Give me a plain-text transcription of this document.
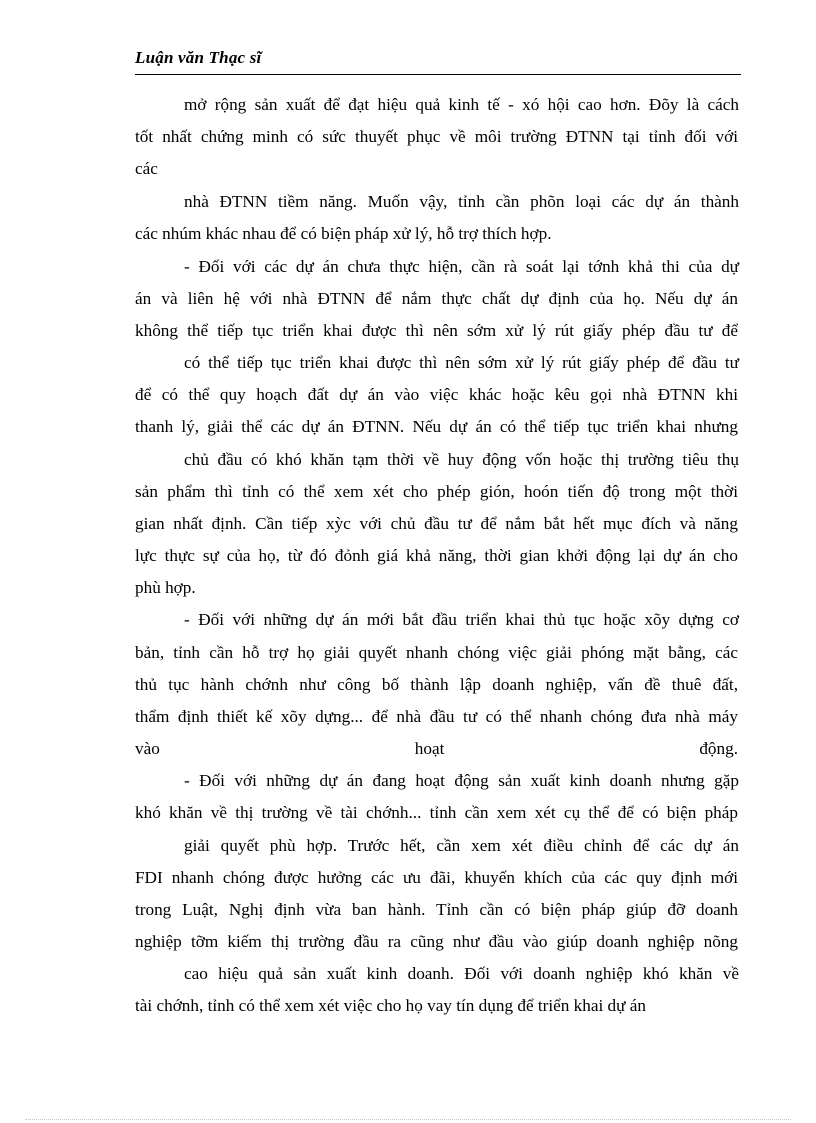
Luận văn Thạc sĩ
mở rộng sản xuất để đạt hiệu quả kinh tế - xó hội cao hơn. Đõy là cách
tốt nhất chứng minh có sức thuyết phục về môi trường ĐTNN tại tỉnh đối với
các
nhà ĐTNN tiềm năng. Muốn vậy, tỉnh cần phõn loại các dự án thành
các nhúm khác nhau để có biện pháp xử lý, hỗ trợ thích hợp.
- Đối với các dự án chưa thực hiện, cần rà soát lại tớnh khả thi của dự
án và liên hệ với nhà ĐTNN để nắm thực chất dự định của họ. Nếu dự án
không thể tiếp tục triển khai được thì nên sớm xử lý rút giấy phép đầu tư để
có thể tiếp tục triển khai được thì nên sớm xử lý rút giấy phép để đầu tư
để có thể quy hoạch đất dự án vào việc khác hoặc kêu gọi nhà ĐTNN khi
thanh lý, giải thể các dự án ĐTNN. Nếu dự án có thể tiếp tục triển khai nhưng
chủ đầu có khó khăn tạm thời về huy động vốn hoặc thị trường tiêu thụ
sản phẩm thì tỉnh có thể xem xét cho phép gión, hoón tiến độ trong một thời
gian nhất định. Cần tiếp xỳc với chủ đầu tư để nắm bắt hết mục đích và năng
lực thực sự của họ, từ đó đỏnh giá khả năng, thời gian khởi động lại dự án cho
phù hợp.
- Đối với những dự án mới bắt đầu triển khai thủ tục hoặc xõy dựng cơ
bản, tỉnh cần hỗ trợ họ giải quyết nhanh chóng việc giải phóng mặt bằng, các
thủ tục hành chớnh như công bố thành lập doanh nghiệp, vấn đề thuê đất,
thẩm định thiết kế xõy dựng... để nhà đầu tư có thể nhanh chóng đưa nhà máy
vào hoạt động.
- Đối với những dự án đang hoạt động sản xuất kinh doanh nhưng gặp
khó khăn về thị trường về tài chớnh... tỉnh cần xem xét cụ thể để có biện pháp
giải quyết phù hợp. Trước hết, cần xem xét điều chỉnh để các dự án
FDI nhanh chóng được hưởng các ưu đãi, khuyến khích của các quy định mới
trong Luật, Nghị định vừa ban hành. Tỉnh cần có biện pháp giúp đỡ doanh
nghiệp tỡm kiếm thị trường đầu ra cũng như đầu vào giúp doanh nghiệp nõng
cao hiệu quả sản xuất kinh doanh. Đối với doanh nghiệp khó khăn về
tài chớnh, tỉnh có thể xem xét việc cho họ vay tín dụng để triển khai dự án
